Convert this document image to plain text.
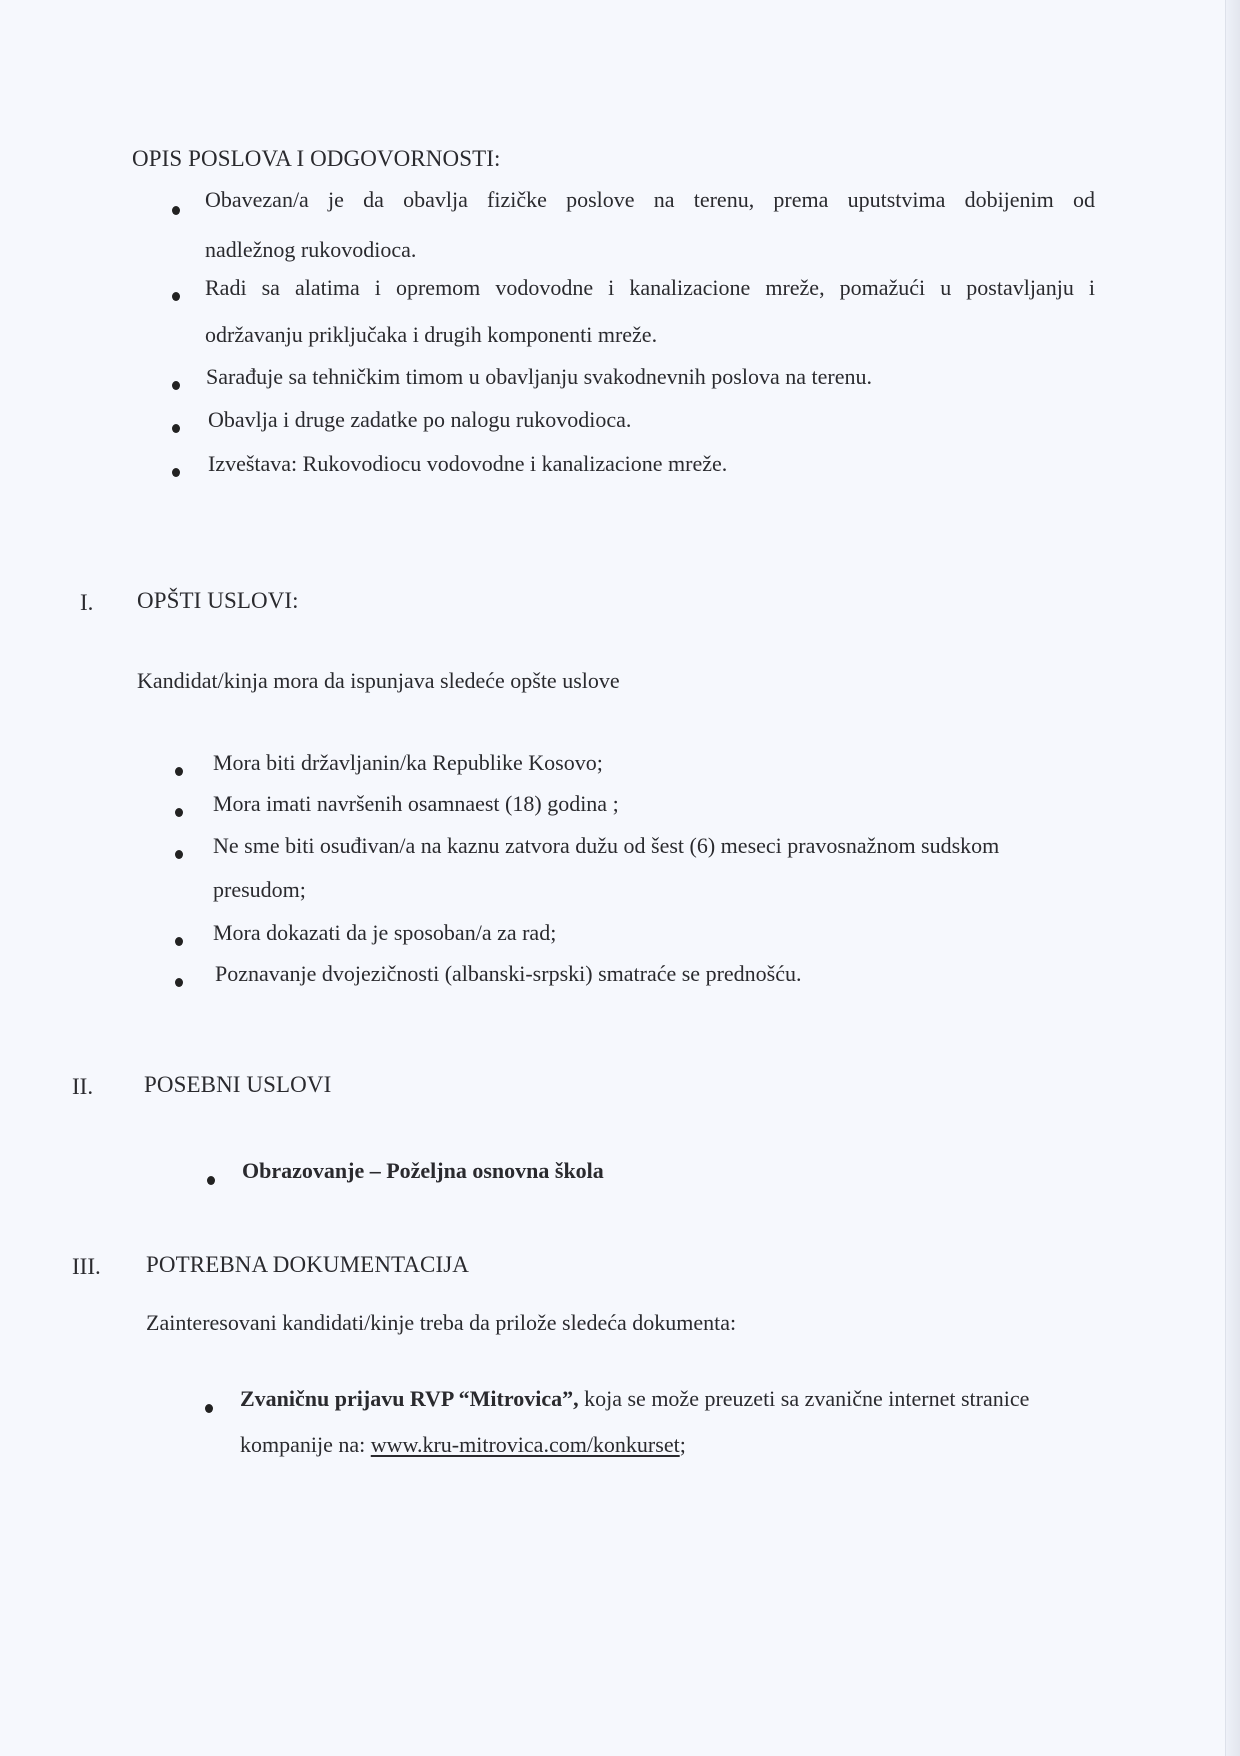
OPIS POSLOVA I ODGOVORNOSTI:
Obavezan/a je da obavlja fizičke poslove na terenu, prema uputstvima dobijenim od
nadležnog rukovodioca.
Radi sa alatima i opremom vodovodne i kanalizacione mreže, pomažući u postavljanju i
održavanju priključaka i drugih komponenti mreže.
Sarađuje sa tehničkim timom u obavljanju svakodnevnih poslova na terenu.
Obavlja i druge zadatke po nalogu rukovodioca.
Izveštava: Rukovodiocu vodovodne i kanalizacione mreže.
I. OPŠTI USLOVI:
Kandidat/kinja mora da ispunjava sledeće opšte uslove
Mora biti državljanin/ka Republike Kosovo;
Mora imati navršenih osamnaest (18) godina ;
Ne sme biti osuđivan/a na kaznu zatvora dužu od šest (6) meseci pravosnažnom sudskom
presudom;
Mora dokazati da je sposoban/a za rad;
Poznavanje dvojezičnosti (albanski-srpski) smatraće se prednošću.
II. POSEBNI USLOVI
Obrazovanje – Poželjna osnovna škola
III. POTREBNA DOKUMENTACIJA
Zainteresovani kandidati/kinje treba da prilože sledeća dokumenta:
Zvaničnu prijavu RVP “Mitrovica”, koja se može preuzeti sa zvanične internet stranice
kompanije na: www.kru-mitrovica.com/konkurset;
